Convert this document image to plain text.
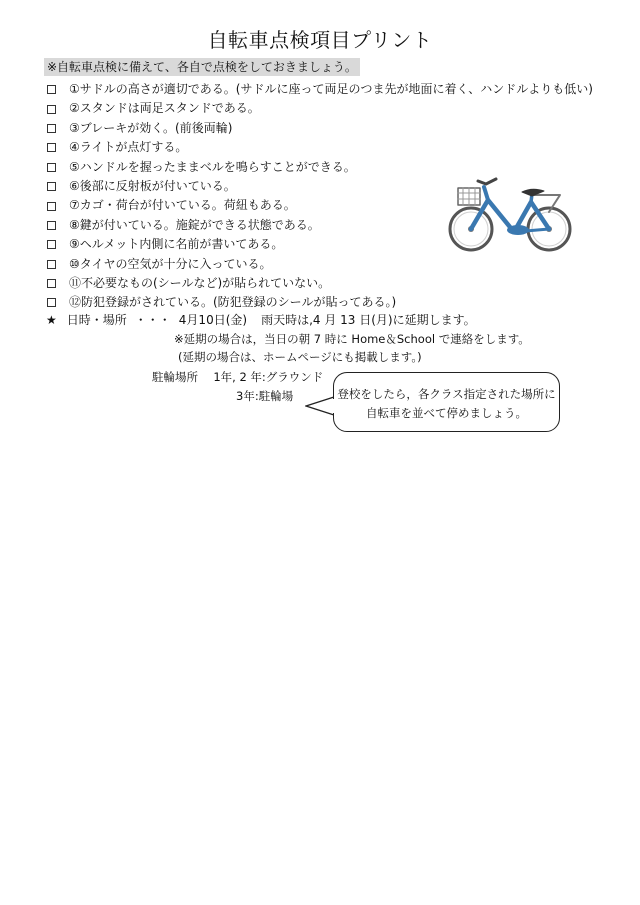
自転車点検項目プリント
※自転車点検に備えて、各自で点検をしておきましょう。
①サドルの高さが適切である。(サドルに座って両足のつま先が地面に着く、ハンドルよりも低い)
②スタンドは両足スタンドである。
③ブレーキが効く。(前後両輪)
④ライトが点灯する。
⑤ハンドルを握ったままベルを鳴らすことができる。
⑥後部に反射板が付いている。
⑦カゴ・荷台が付いている。荷紐もある。
⑧鍵が付いている。施錠ができる状態である。
⑨ヘルメット内側に名前が書いてある。
⑩タイヤの空気が十分に入っている。
⑪不必要なもの(シールなど)が貼られていない。
⑫防犯登録がされている。(防犯登録のシールが貼ってある。)
★ 日時・場所 ・・・ 4月10日(金) 雨天時は,4 月 13 日(月)に延期します。
※延期の場合は，当日の朝 7 時に Home＆School で連絡をします。
(延期の場合は、ホームページにも掲載します。)
駐輪場所 1年, 2 年:グラウンド
3年:駐輪場	登校をしたら，各クラス指定された場所に
自転車を並べて停めましょう。
